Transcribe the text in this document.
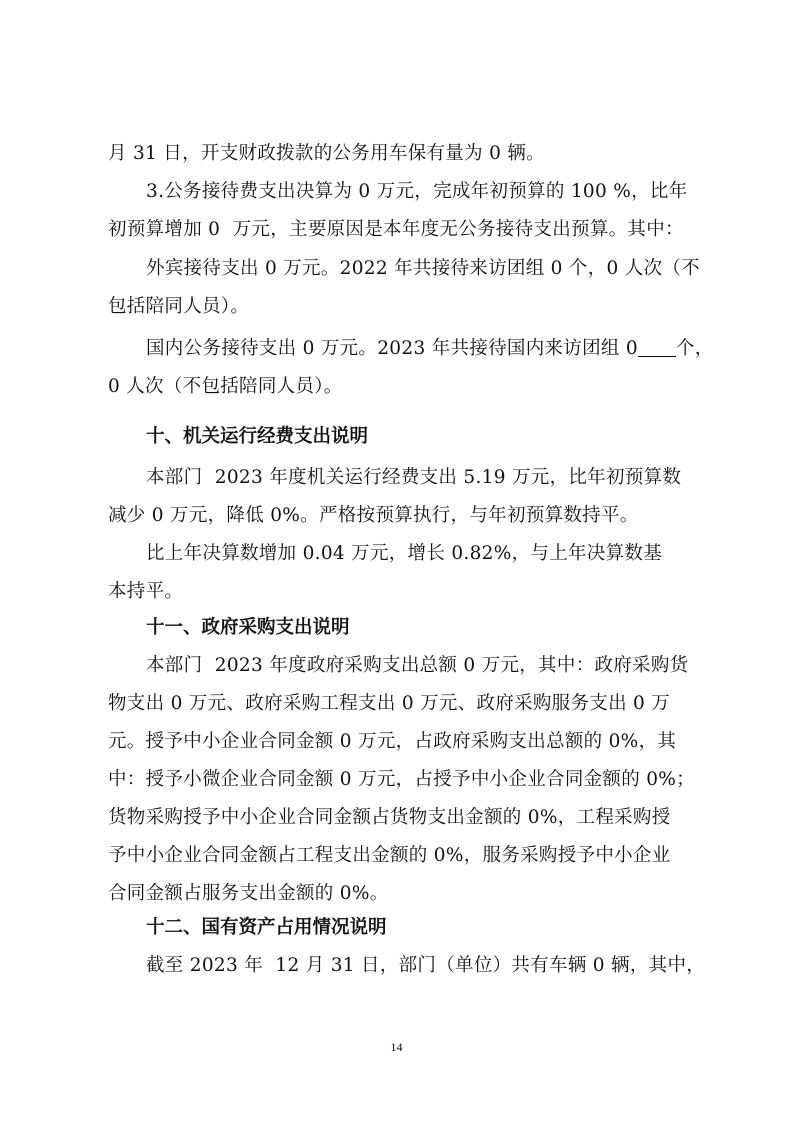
月 31 日，开支财政拨款的公务用车保有量为 0 辆。
3.公务接待费支出决算为 0 万元，完成年初预算的 100 %，比年
初预算增加 0  万元，主要原因是本年度无公务接待支出预算。其中：
外宾接待支出 0 万元。2022 年共接待来访团组 0 个，0 人次（不
包括陪同人员）。
国内公务接待支出 0 万元。2023 年共接待国内来访团组 0 个，
0 人次（不包括陪同人员）。
十、机关运行经费支出说明
本部门  2023 年度机关运行经费支出 5.19 万元，比年初预算数
减少 0 万元，降低 0%。严格按预算执行，与年初预算数持平。
比上年决算数增加 0.04 万元，增长 0.82%，与上年决算数基
本持平。
十一、政府采购支出说明
本部门  2023 年度政府采购支出总额 0 万元，其中：政府采购货
物支出 0 万元、政府采购工程支出 0 万元、政府采购服务支出 0 万
元。授予中小企业合同金额 0 万元，占政府采购支出总额的 0%，其
中：授予小微企业合同金额 0 万元，占授予中小企业合同金额的 0%；
货物采购授予中小企业合同金额占货物支出金额的 0%，工程采购授
予中小企业合同金额占工程支出金额的 0%，服务采购授予中小企业
合同金额占服务支出金额的 0%。
十二、国有资产占用情况说明
截至 2023 年  12 月 31 日，部门（单位）共有车辆 0 辆，其中，
14
